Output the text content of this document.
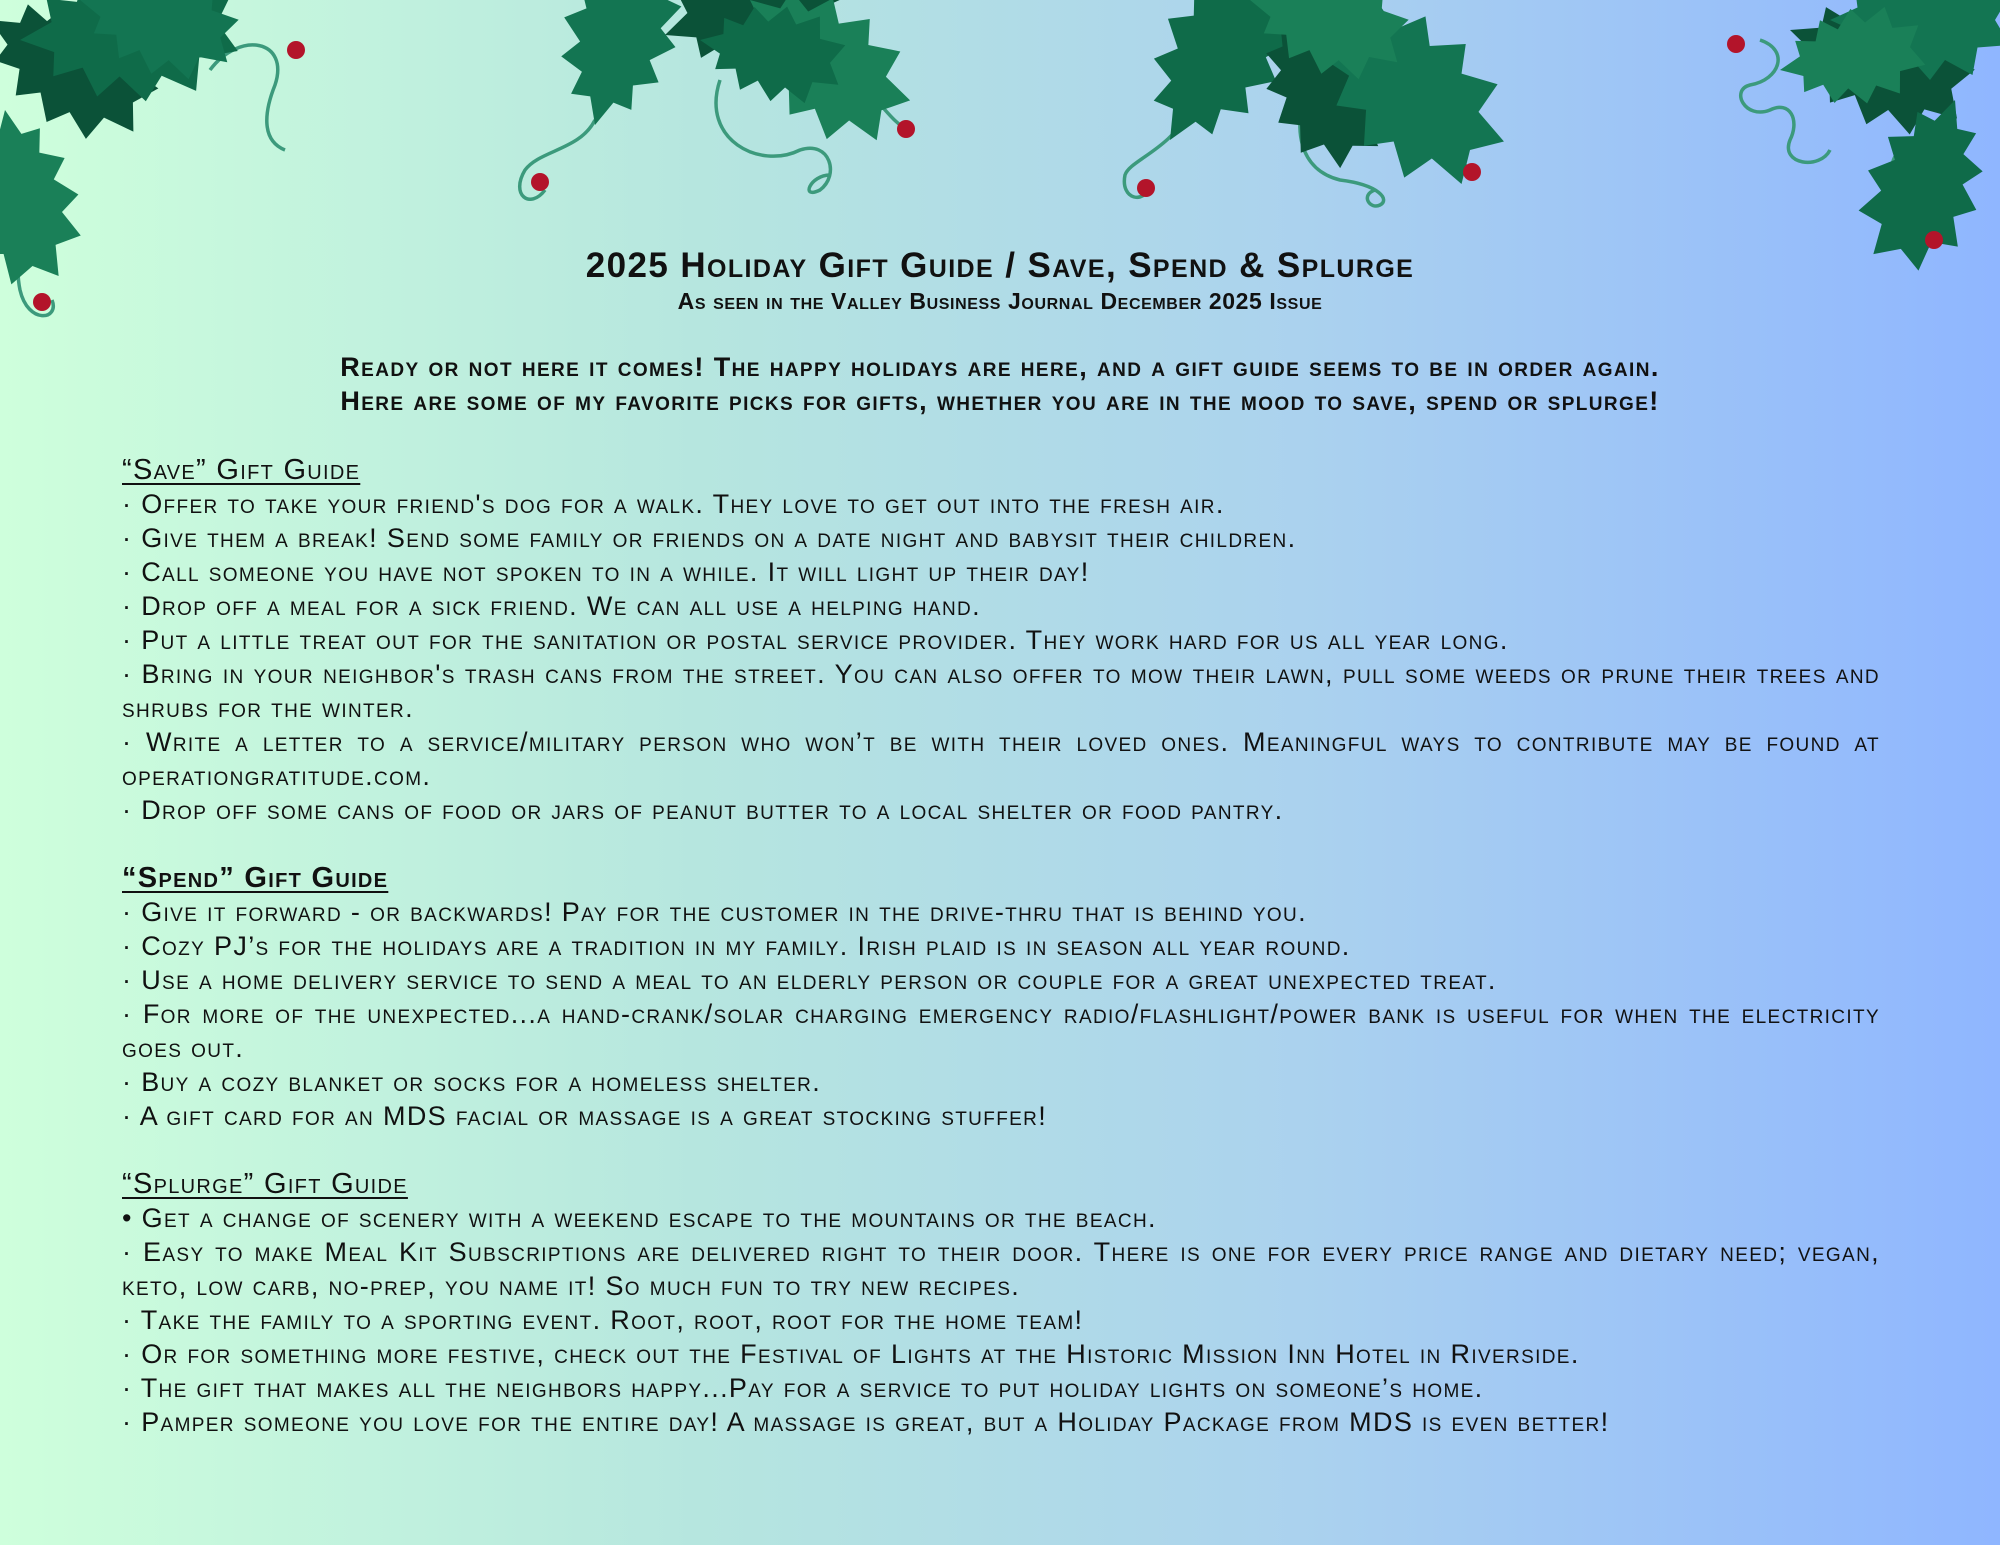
2025 Holiday Gift Guide / Save, Spend & Splurge
As seen in the Valley Business Journal December 2025 Issue
Ready or not here it comes! The happy holidays are here, and a gift guide seems to be in order again.
Here are some of my favorite picks for gifts, whether you are in the mood to save, spend or splurge!
“Save” Gift Guide
· Offer to take your friend's dog for a walk. They love to get out into the fresh air.
· Give them a break! Send some family or friends on a date night and babysit their children.
· Call someone you have not spoken to in a while. It will light up their day!
· Drop off a meal for a sick friend. We can all use a helping hand.
· Put a little treat out for the sanitation or postal service provider. They work hard for us all year long.
· Bring in your neighbor's trash cans from the street. You can also offer to mow their lawn, pull some weeds or prune their trees and shrubs for the winter.
· Write a letter to a service/military person who won’t be with their loved ones. Meaningful ways to contribute may be found at operationgratitude.com.
· Drop off some cans of food or jars of peanut butter to a local shelter or food pantry.
“Spend” Gift Guide
· Give it forward - or backwards! Pay for the customer in the drive-thru that is behind you.
· Cozy PJ’s for the holidays are a tradition in my family. Irish plaid is in season all year round.
· Use a home delivery service to send a meal to an elderly person or couple for a great unexpected treat.
· For more of the unexpected...a hand-crank/solar charging emergency radio/flashlight/power bank is useful for when the electricity goes out.
· Buy a cozy blanket or socks for a homeless shelter.
· A gift card for an MDS facial or massage is a great stocking stuffer!
“Splurge” Gift Guide
• Get a change of scenery with a weekend escape to the mountains or the beach.
· Easy to make Meal Kit Subscriptions are delivered right to their door. There is one for every price range and dietary need; vegan, keto, low carb, no-prep, you name it! So much fun to try new recipes.
· Take the family to a sporting event. Root, root, root for the home team!
· Or for something more festive, check out the Festival of Lights at the Historic Mission Inn Hotel in Riverside.
· The gift that makes all the neighbors happy...Pay for a service to put holiday lights on someone’s home.
· Pamper someone you love for the entire day! A massage is great, but a Holiday Package from MDS is even better!
